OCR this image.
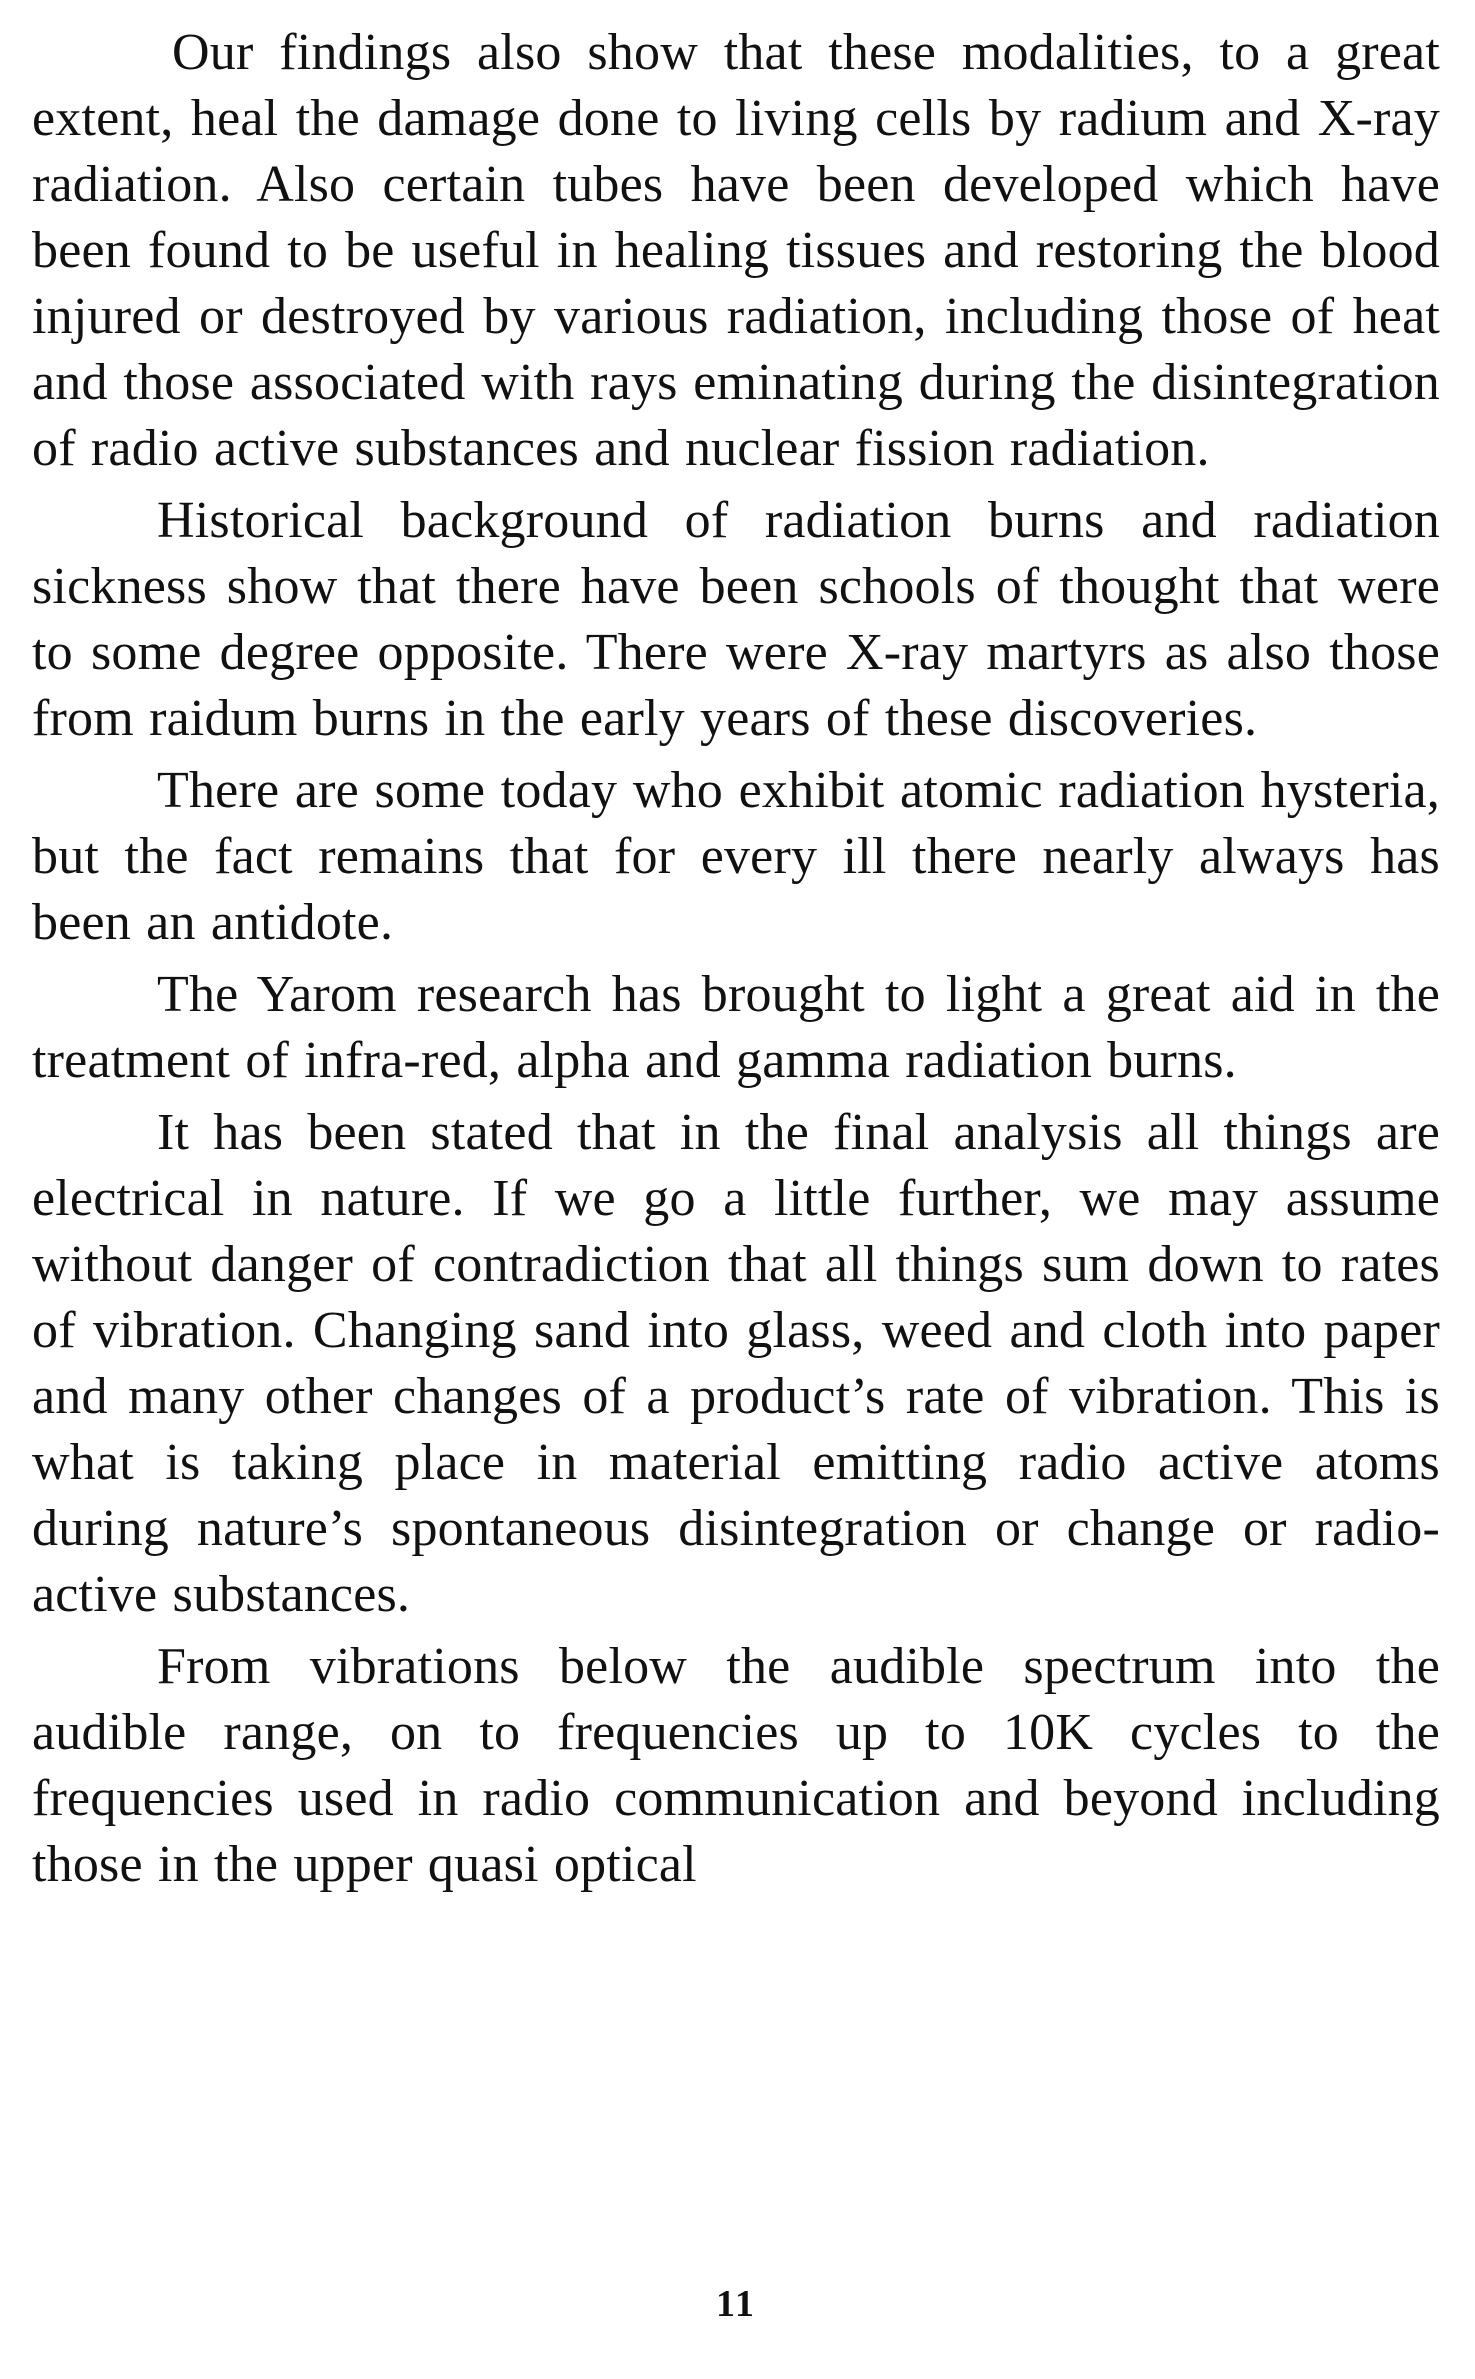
Our findings also show that these modalities, to a great extent, heal the damage done to living cells by radium and X-ray radiation. Also certain tubes have been developed which have been found to be useful in healing tissues and restoring the blood injured or destroyed by various radiation, including those of heat and those associated with rays eminating during the disintegration of radio active substances and nuclear fission radiation.

Historical background of radiation burns and radiation sickness show that there have been schools of thought that were to some degree opposite. There were X-ray martyrs as also those from raidum burns in the early years of these discoveries.

There are some today who exhibit atomic radiation hysteria, but the fact remains that for every ill there nearly always has been an antidote.

The Yarom research has brought to light a great aid in the treatment of infra-red, alpha and gamma radiation burns.

It has been stated that in the final analysis all things are electrical in nature. If we go a little further, we may assume without danger of contradiction that all things sum down to rates of vibration. Changing sand into glass, weed and cloth into paper and many other changes of a product’s rate of vibration. This is what is taking place in material emitting radio active atoms during nature’s spontaneous disintegration or change or radio-active substances.

From vibrations below the audible spectrum into the audible range, on to frequencies up to 10K cycles to the frequencies used in radio communication and beyond including those in the upper quasi optical

11
